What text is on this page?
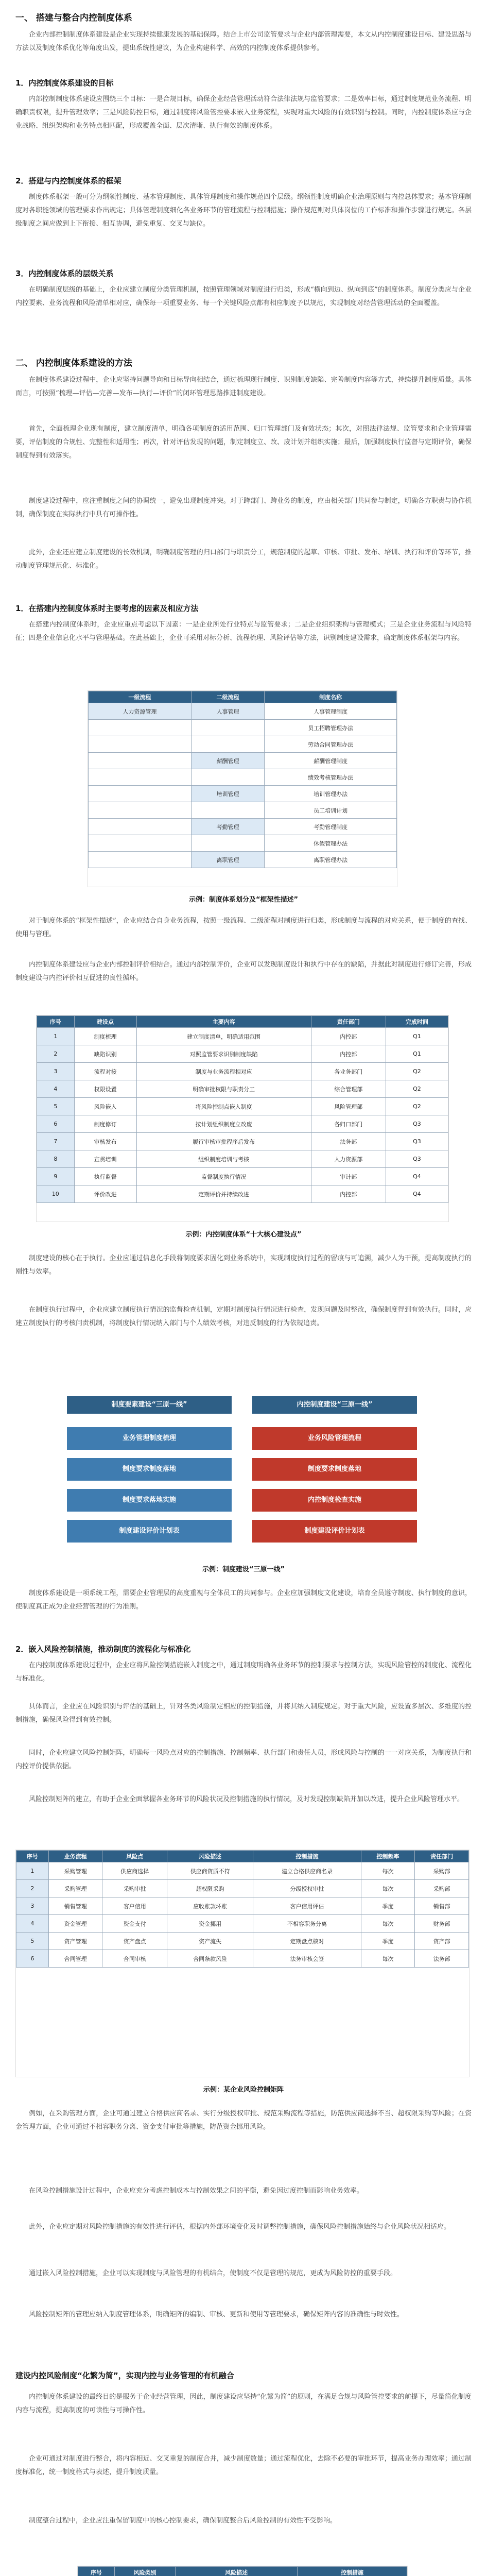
一、 搭建与整合内控制度体系

企业内部控制制度体系建设是企业实现持续健康发展的基础保障。结合上市公司监管要求与企业内部管理需要，本文从内控制度建设目标、建设思路与方法以及制度体系优化等角度出发，提出系统性建议，为企业构建科学、高效的内控制度体系提供参考。

1．内控制度体系建设的目标

内部控制制度体系建设应围绕三个目标：一是合规目标，确保企业经营管理活动符合法律法规与监管要求；二是效率目标，通过制度规范业务流程、明确职责权限，提升管理效率；三是风险防控目标，通过制度将风险管控要求嵌入业务流程，实现对重大风险的有效识别与控制。同时，内控制度体系应与企业战略、组织架构和业务特点相匹配，形成覆盖全面、层次清晰、执行有效的制度体系。

2．搭建与内控制度体系的框架

制度体系框架一般可分为纲领性制度、基本管理制度、具体管理制度和操作规范四个层级。纲领性制度明确企业治理原则与内控总体要求；基本管理制度对各职能领域的管理要求作出规定；具体管理制度细化各业务环节的管理流程与控制措施；操作规范则对具体岗位的工作标准和操作步骤进行规定。各层级制度之间应做到上下衔接、相互协调，避免重复、交叉与缺位。

3．内控制度体系的层级关系

在明确制度层级的基础上，企业应建立制度分类管理机制，按照管理领域对制度进行归类，形成“横向到边、纵向到底”的制度体系。制度分类应与企业内控要素、业务流程和风险清单相对应，确保每一项重要业务、每一个关键风险点都有相应制度予以规范，实现制度对经营管理活动的全面覆盖。

二、 内控制度体系建设的方法

在制度体系建设过程中，企业应坚持问题导向和目标导向相结合，通过梳理现行制度、识别制度缺陷、完善制度内容等方式，持续提升制度质量。具体而言，可按照“梳理—评估—完善—发布—执行—评价”的闭环管理思路推进制度建设。

首先，全面梳理企业现有制度，建立制度清单，明确各项制度的适用范围、归口管理部门及有效状态；其次，对照法律法规、监管要求和企业管理需要，评估制度的合规性、完整性和适用性；再次，针对评估发现的问题，制定制度立、改、废计划并组织实施；最后，加强制度执行监督与定期评价，确保制度得到有效落实。

制度建设过程中，应注重制度之间的协调统一，避免出现制度冲突。对于跨部门、跨业务的制度，应由相关部门共同参与制定，明确各方职责与协作机制，确保制度在实际执行中具有可操作性。

此外，企业还应建立制度建设的长效机制，明确制度管理的归口部门与职责分工，规范制度的起草、审核、审批、发布、培训、执行和评价等环节，推动制度管理规范化、标准化。

1．在搭建内控制度体系时主要考虑的因素及相应方法

在搭建内控制度体系时，企业应重点考虑以下因素：一是企业所处行业特点与监管要求；二是企业组织架构与管理模式；三是企业业务流程与风险特征；四是企业信息化水平与管理基础。在此基础上，企业可采用对标分析、流程梳理、风险评估等方法，识别制度建设需求，确定制度体系框架与内容。

一级流程	二级流程	制度名称
人力资源管理	人事管理	人事管理制度
		员工招聘管理办法
		劳动合同管理办法
	薪酬管理	薪酬管理制度
		绩效考核管理办法
	培训管理	培训管理办法
		员工培训计划
	考勤管理	考勤管理制度
		休假管理办法
	离职管理	离职管理办法
示例：制度体系划分及“框架性描述”

对于制度体系的“框架性描述”，企业应结合自身业务流程，按照一级流程、二级流程对制度进行归类，形成制度与流程的对应关系，便于制度的查找、使用与管理。

内控制度体系建设应与企业内部控制评价相结合。通过内部控制评价，企业可以发现制度设计和执行中存在的缺陷，并据此对制度进行修订完善，形成制度建设与内控评价相互促进的良性循环。

序号	建设点	主要内容	责任部门	完成时间
1	制度梳理	建立制度清单，明确适用范围	内控部	Q1
2	缺陷识别	对照监管要求识别制度缺陷	内控部	Q1
3	流程对接	制度与业务流程相对应	各业务部门	Q2
4	权限设置	明确审批权限与职责分工	综合管理部	Q2
5	风险嵌入	将风险控制点嵌入制度	风险管理部	Q2
6	制度修订	按计划组织制度立改废	各归口部门	Q3
7	审核发布	履行审核审批程序后发布	法务部	Q3
8	宣贯培训	组织制度培训与考核	人力资源部	Q3
9	执行监督	监督制度执行情况	审计部	Q4
10	评价改进	定期评价并持续改进	内控部	Q4
示例：内控制度体系“十大核心建设点”

制度建设的核心在于执行。企业应通过信息化手段将制度要求固化到业务系统中，实现制度执行过程的留痕与可追溯，减少人为干预，提高制度执行的刚性与效率。

在制度执行过程中，企业应建立制度执行情况的监督检查机制，定期对制度执行情况进行检查，发现问题及时整改，确保制度得到有效执行。同时，应建立制度执行的考核问责机制，将制度执行情况纳入部门与个人绩效考核，对违反制度的行为依规追责。

制度要素建设“三原一线”	内控制度建设“三原一线”
业务管理制度梳理
制度要求制度落地
制度要求落地实施
制度建设评价计划表
业务风险管理流程
制度要求制度落地
内控制度检查实施
制度建设评价计划表
示例：制度建设“三原一线”

制度体系建设是一项系统工程，需要企业管理层的高度重视与全体员工的共同参与。企业应加强制度文化建设，培育全员遵守制度、执行制度的意识，使制度真正成为企业经营管理的行为准则。

2．嵌入风险控制措施，推动制度的流程化与标准化

在内控制度体系建设过程中，企业应将风险控制措施嵌入制度之中，通过制度明确各业务环节的控制要求与控制方法，实现风险管控的制度化、流程化与标准化。

具体而言，企业应在风险识别与评估的基础上，针对各类风险制定相应的控制措施，并将其纳入制度规定。对于重大风险，应设置多层次、多维度的控制措施，确保风险得到有效控制。

同时，企业应建立风险控制矩阵，明确每一风险点对应的控制措施、控制频率、执行部门和责任人员，形成风险与控制的一一对应关系，为制度执行和内控评价提供依据。

风险控制矩阵的建立，有助于企业全面掌握各业务环节的风险状况及控制措施的执行情况，及时发现控制缺陷并加以改进，提升企业风险管理水平。

序号	业务流程	风险点	风险描述	控制措施	控制频率	责任部门
1	采购管理	供应商选择	供应商资质不符	建立合格供应商名录	每次	采购部
2	采购管理	采购审批	超权限采购	分级授权审批	每次	采购部
3	销售管理	客户信用	应收账款坏账	客户信用评估	季度	销售部
4	资金管理	资金支付	资金挪用	不相容职务分离	每次	财务部
5	资产管理	资产盘点	资产流失	定期盘点核对	季度	资产部
6	合同管理	合同审核	合同条款风险	法务审核会签	每次	法务部
示例：某企业风险控制矩阵

例如，在采购管理方面，企业可通过建立合格供应商名录、实行分级授权审批、规范采购流程等措施，防范供应商选择不当、超权限采购等风险；在资金管理方面，企业可通过不相容职务分离、资金支付审批等措施，防范资金挪用风险。

在风险控制措施设计过程中，企业应充分考虑控制成本与控制效果之间的平衡，避免因过度控制而影响业务效率。

此外，企业应定期对风险控制措施的有效性进行评估，根据内外部环境变化及时调整控制措施，确保风险控制措施始终与企业风险状况相适应。

通过嵌入风险控制措施，企业可以实现制度与风险管理的有机结合，使制度不仅是管理的规范，更成为风险防控的重要手段。

风险控制矩阵的管理应纳入制度管理体系，明确矩阵的编制、审核、更新和使用等管理要求，确保矩阵内容的准确性与时效性。

建设内控风险制度“化繁为简”，实现内控与业务管理的有机融合

内控制度体系建设的最终目的是服务于企业经营管理，因此，制度建设应坚持“化繁为简”的原则，在满足合规与风险管控要求的前提下，尽量简化制度内容与流程，提高制度的可读性与可操作性。

企业可通过对制度进行整合，将内容相近、交叉重复的制度合并，减少制度数量；通过流程优化，去除不必要的审批环节，提高业务办理效率；通过制度标准化，统一制度格式与表述，提升制度质量。

制度整合过程中，企业应注重保留制度中的核心控制要求，确保制度整合后风险控制的有效性不受影响。

序号	风险类别	风险描述	控制措施
